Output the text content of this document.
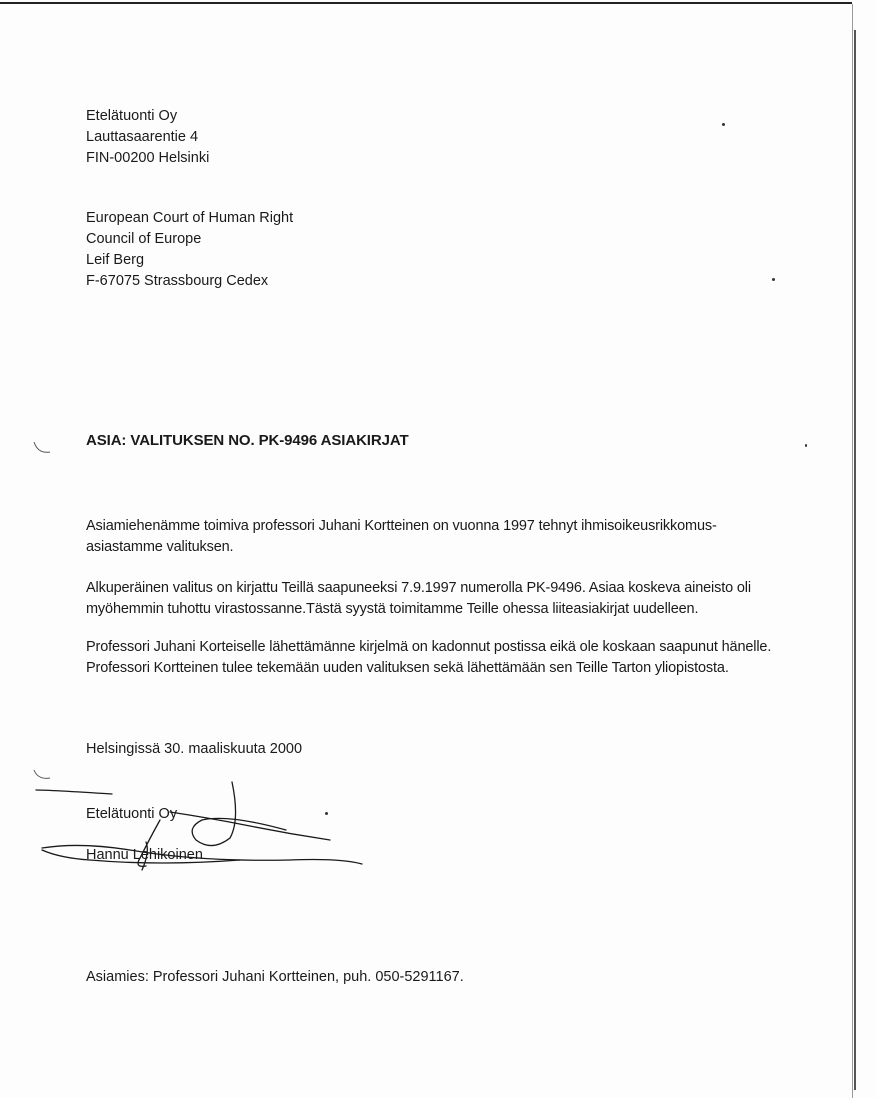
Etelätuonti Oy
Lauttasaarentie 4
FIN-00200 Helsinki
European Court of Human Right
Council of Europe
Leif Berg
F-67075 Strassbourg Cedex
ASIA: VALITUKSEN NO. PK-9496 ASIAKIRJAT
Asiamiehenämme toimiva professori Juhani Kortteinen on vuonna 1997 tehnyt ihmisoikeusrikkomus-
asiastamme valituksen.
Alkuperäinen valitus on kirjattu Teillä saapuneeksi 7.9.1997 numerolla PK-9496. Asiaa koskeva aineisto oli
myöhemmin tuhottu virastossanne.Tästä syystä toimitamme Teille ohessa liiteasiakirjat uudelleen.
Professori Juhani Korteiselle lähettämänne kirjelmä on kadonnut postissa eikä ole koskaan saapunut hänelle.
Professori Kortteinen tulee tekemään uuden valituksen sekä lähettämään sen Teille Tarton yliopistosta.
Helsingissä 30. maaliskuuta 2000
Etelätuonti Oy
Hannu Lehikoinen
Asiamies: Professori Juhani Kortteinen, puh. 050-5291167.
